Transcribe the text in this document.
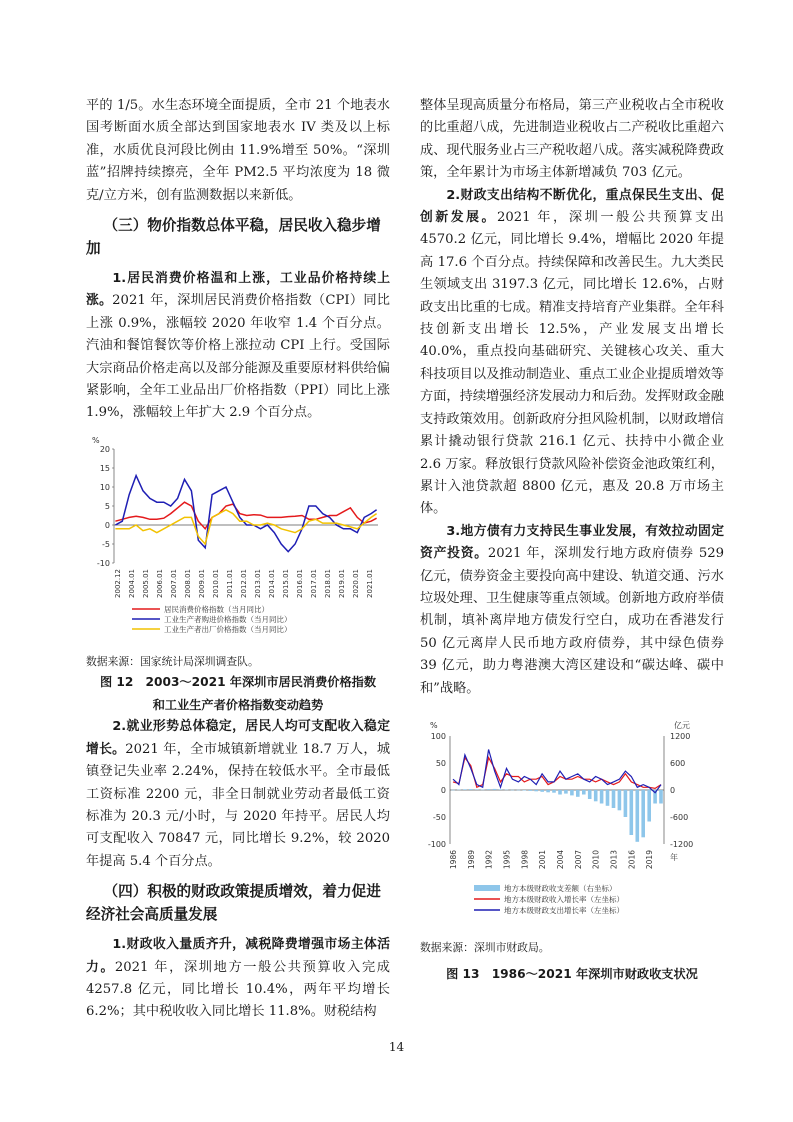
平的 1/5。水生态环境全面提质，全市 21 个地表水国考断面水质全部达到国家地表水 IV 类及以上标准，水质优良河段比例由 11.9%增至 50%。“深圳蓝”招牌持续擦亮，全年 PM2.5 平均浓度为 18 微克/立方米，创有监测数据以来新低。

（三）物价指数总体平稳，居民收入稳步增加

1.居民消费价格温和上涨，工业品价格持续上涨。2021 年，深圳居民消费价格指数（CPI）同比上涨 0.9%，涨幅较 2020 年收窄 1.4 个百分点。汽油和餐馆餐饮等价格上涨拉动 CPI 上行。受国际大宗商品价格走高以及部分能源及重要原材料供给偏紧影响，全年工业品出厂价格指数（PPI）同比上涨 1.9%，涨幅较上年扩大 2.9 个百分点。

%
20
15
10
5
0
-5
-10
2002.12 2004.01 2005.01 2006.01 2007.01 2008.01 2009.01 2010.01 2011.01 2012.01 2013.01 2014.01 2015.01 2016.01 2017.01 2018.01 2019.01 2020.01 2021.01
居民消费价格指数（当月同比）
工业生产者购进价格指数（当月同比）
工业生产者出厂价格指数（当月同比）
数据来源：国家统计局深圳调查队。
图 12　2003～2021 年深圳市居民消费价格指数
和工业生产者价格指数变动趋势

2.就业形势总体稳定，居民人均可支配收入稳定增长。2021 年，全市城镇新增就业 18.7 万人，城镇登记失业率 2.24%，保持在较低水平。全市最低工资标准 2200 元，非全日制就业劳动者最低工资标准为 20.3 元/小时，与 2020 年持平。居民人均可支配收入 70847 元，同比增长 9.2%，较 2020 年提高 5.4 个百分点。

（四）积极的财政政策提质增效，着力促进经济社会高质量发展

1.财政收入量质齐升，减税降费增强市场主体活力。2021 年，深圳地方一般公共预算收入完成 4257.8 亿元，同比增长 10.4%，两年平均增长 6.2%；其中税收收入同比增长 11.8%。财税结构

整体呈现高质量分布格局，第三产业税收占全市税收的比重超八成，先进制造业税收占二产税收比重超六成、现代服务业占三产税收超八成。落实减税降费政策，全年累计为市场主体新增减负 703 亿元。

2.财政支出结构不断优化，重点保民生支出、促创新发展。2021 年，深圳一般公共预算支出 4570.2 亿元，同比增长 9.4%，增幅比 2020 年提高 17.6 个百分点。持续保障和改善民生。九大类民生领域支出 3197.3 亿元，同比增长 12.6%，占财政支出比重的七成。精准支持培育产业集群。全年科技创新支出增长 12.5%，产业发展支出增长 40.0%，重点投向基础研究、关键核心攻关、重大科技项目以及推动制造业、重点工业企业提质增效等方面，持续增强经济发展动力和后劲。发挥财政金融支持政策效用。创新政府分担风险机制，以财政增信累计撬动银行贷款 216.1 亿元、扶持中小微企业 2.6 万家。释放银行贷款风险补偿资金池政策红利，累计入池贷款超 8800 亿元，惠及 20.8 万市场主体。

3.地方债有力支持民生事业发展，有效拉动固定资产投资。2021 年，深圳发行地方政府债券 529 亿元，债券资金主要投向高中建设、轨道交通、污水垃圾处理、卫生健康等重点领域。创新地方政府举债机制，填补离岸地方债发行空白，成功在香港发行 50 亿元离岸人民币地方政府债券，其中绿色债券 39 亿元，助力粤港澳大湾区建设和“碳达峰、碳中和”战略。

%	亿元
100
50
0
-50
-100
1200
600
0
-600
-1200
1986 1989 1992 1995 1998 2001 2004 2007 2010 2013 2016 2019 年
地方本级财政收支差额（右坐标）
地方本级财政收入增长率（左坐标）
地方本级财政支出增长率（左坐标）
数据来源：深圳市财政局。
图 13　1986～2021 年深圳市财政收支状况
14
